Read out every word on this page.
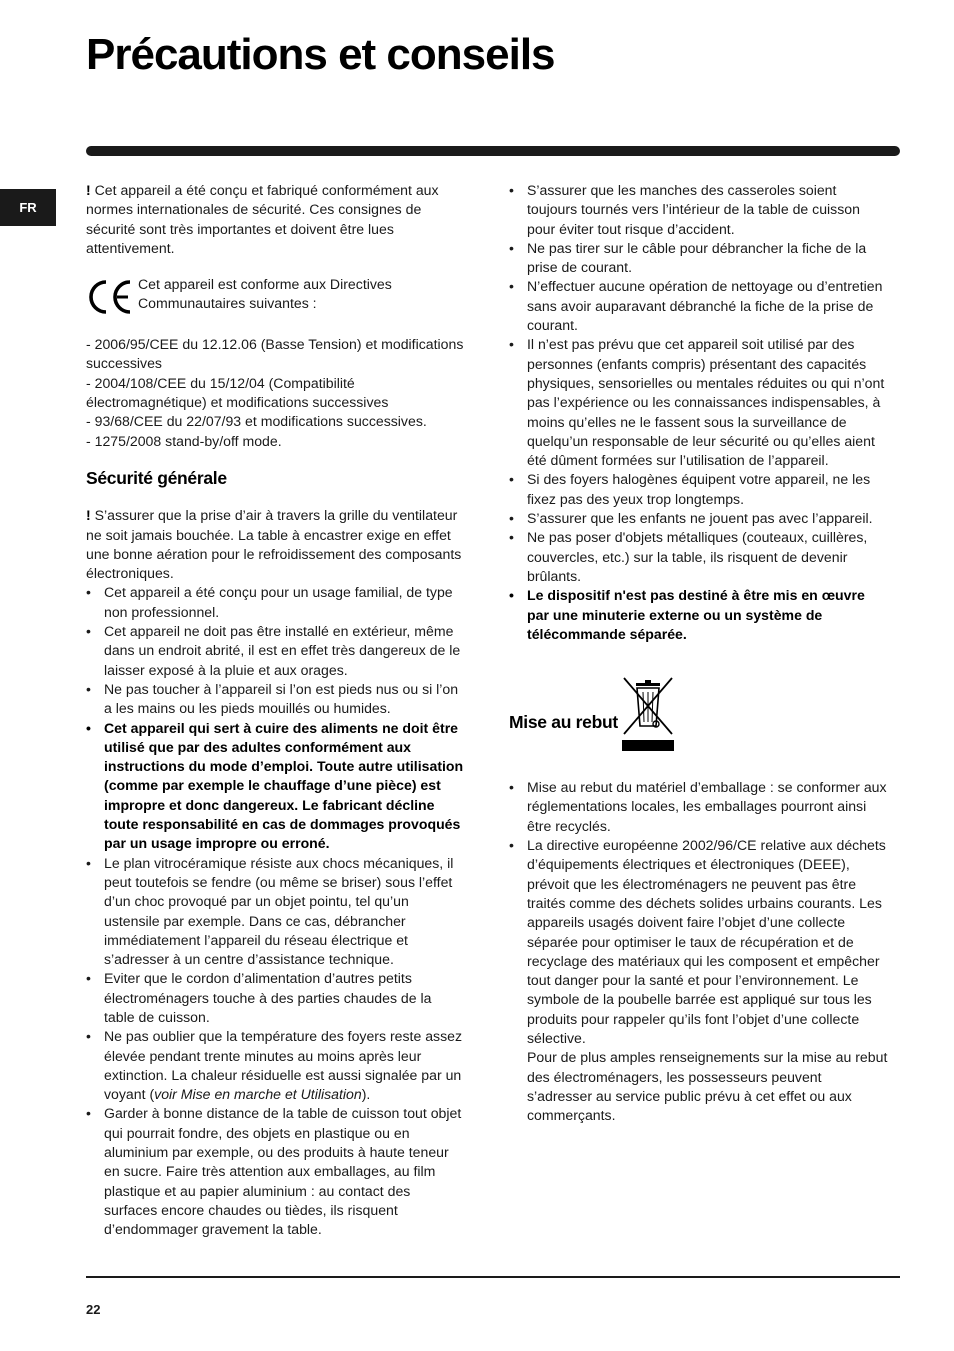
Précautions et conseils
FR

! Cet appareil a été conçu et fabriqué conformément aux normes internationales de sécurité. Ces consignes de sécurité sont très importantes et doivent être lues attentivement.

Cet appareil est conforme aux Directives Communautaires suivantes :

- 2006/95/CEE du 12.12.06 (Basse Tension) et modifications successives

- 2004/108/CEE du 15/12/04 (Compatibilité électromagnétique) et modifications successives

- 93/68/CEE du 22/07/93 et modifications successives.

- 1275/2008 stand-by/off mode.

Sécurité générale

! S’assurer que la prise d’air à travers la grille du ventilateur ne soit jamais bouchée. La table à encastrer exige en effet une bonne aération pour le refroidissement des composants électroniques.

• Cet appareil a été conçu pour un usage familial, de type non professionnel.
• Cet appareil ne doit pas être installé en extérieur, même dans un endroit abrité, il est en effet très dangereux de le laisser exposé à la pluie et aux orages.
• Ne pas toucher à l’appareil si l’on est pieds nus ou si l’on a les mains ou les pieds mouillés ou humides.
• Cet appareil qui sert à cuire des aliments ne doit être utilisé que par des adultes conformément aux instructions du mode d’emploi. Toute autre utilisation (comme par exemple le chauffage d’une pièce) est impropre et donc dangereux. Le fabricant décline toute responsabilité en cas de dommages provoqués par un usage impropre ou erroné.
• Le plan vitrocéramique résiste aux chocs mécaniques, il peut toutefois se fendre (ou même se briser) sous l’effet d’un choc provoqué par un objet pointu, tel qu’un ustensile par exemple. Dans ce cas, débrancher immédiatement l’appareil du réseau électrique et s’adresser à un centre d’assistance technique.
• Eviter que le cordon d’alimentation d’autres petits électroménagers touche à des parties chaudes de la table de cuisson.
• Ne pas oublier que la température des foyers reste assez élevée pendant trente minutes au moins après leur extinction. La chaleur résiduelle est aussi signalée par un voyant (voir Mise en marche et Utilisation).
• Garder à bonne distance de la table de cuisson tout objet qui pourrait fondre, des objets en plastique ou en aluminium par exemple, ou des produits à haute teneur en sucre. Faire très attention aux emballages, au film plastique et au papier aluminium : au contact des surfaces encore chaudes ou tièdes, ils risquent d’endommager gravement la table.
• S’assurer que les manches des casseroles soient toujours tournés vers l’intérieur de la table de cuisson pour éviter tout risque d’accident.
• Ne pas tirer sur le câble pour débrancher la fiche de la prise de courant.
• N’effectuer aucune opération de nettoyage ou d’entretien sans avoir auparavant débranché la fiche de la prise de courant.
• Il n’est pas prévu que cet appareil soit utilisé par des personnes (enfants compris) présentant des capacités physiques, sensorielles ou mentales réduites ou qui n’ont pas l’expérience ou les connaissances indispensables, à moins qu’elles ne le fassent sous la surveillance de quelqu’un responsable de leur sécurité ou qu’elles aient été dûment formées sur l’utilisation de l’appareil.
• Si des foyers halogènes équipent votre appareil, ne les fixez pas des yeux trop longtemps.
• S’assurer que les enfants ne jouent pas avec l’appareil.
• Ne pas poser d'objets métalliques (couteaux, cuillères, couvercles, etc.) sur la table, ils risquent de devenir brûlants.
• Le dispositif n'est pas destiné à être mis en œuvre par une minuterie externe ou un système de télécommande séparée.
Mise au rebut
• Mise au rebut du matériel d’emballage : se conformer aux réglementations locales, les emballages pourront ainsi être recyclés.
• La directive européenne 2002/96/CE relative aux déchets d’équipements électriques et électroniques (DEEE), prévoit que les électroménagers ne peuvent pas être traités comme des déchets solides urbains courants. Les appareils usagés doivent faire l’objet d’une collecte séparée pour optimiser le taux de récupération et de recyclage des matériaux qui les composent et empêcher tout danger pour la santé et pour l’environnement. Le symbole de la poubelle barrée est appliqué sur tous les produits pour rappeler qu’ils font l’objet d’une collecte sélective.

Pour de plus amples renseignements sur la mise au rebut des électroménagers, les possesseurs peuvent s’adresser au service public prévu à cet effet ou aux commerçants.

22
